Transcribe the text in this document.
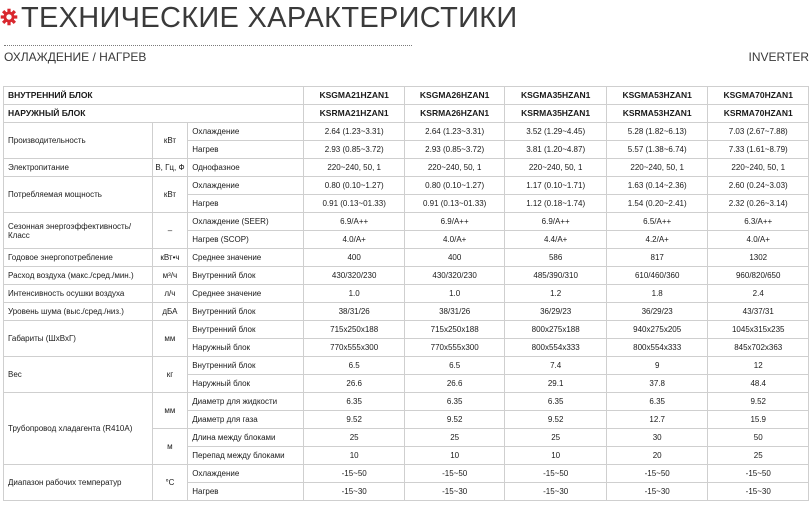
ТЕХНИЧЕСКИЕ ХАРАКТЕРИСТИКИ
ОХЛАЖДЕНИЕ / НАГРЕВ	INVERTER
ВНУТРЕННИЙ БЛОК			KSGMA21HZAN1	KSGMA26HZAN1	KSGMA35HZAN1	KSGMA53HZAN1	KSGMA70HZAN1
НАРУЖНЫЙ БЛОК			KSRMA21HZAN1	KSRMA26HZAN1	KSRMA35HZAN1	KSRMA53HZAN1	KSRMA70HZAN1
Производительность	кВт	Охлаждение	2.64 (1.23~3.31)	2.64 (1.23~3.31)	3.52 (1.29~4.45)	5.28 (1.82~6.13)	7.03 (2.67~7.88)
		Нагрев	2.93 (0.85~3.72)	2.93 (0.85~3.72)	3.81 (1.20~4.87)	5.57 (1.38~6.74)	7.33 (1.61~8.79)
Электропитание	В, Гц, Ф	Однофазное	220~240, 50, 1	220~240, 50, 1	220~240, 50, 1	220~240, 50, 1	220~240, 50, 1
Потребляемая мощность	кВт	Охлаждение	0.80 (0.10~1.27)	0.80 (0.10~1.27)	1.17 (0.10~1.71)	1.63 (0.14~2.36)	2.60 (0.24~3.03)
		Нагрев	0.91 (0.13~01.33)	0.91 (0.13~01.33)	1.12 (0.18~1.74)	1.54 (0.20~2.41)	2.32 (0.26~3.14)
Сезонная энергоэффективность/ Класс	–	Охлаждение (SEER)	6.9/A++	6.9/A++	6.9/A++	6.5/A++	6.3/A++
		Нагрев (SCOP)	4.0/A+	4.0/A+	4.4/A+	4.2/A+	4.0/A+
Годовое энергопотребление	кВт•ч	Среднее значение	400	400	586	817	1302
Расход воздуха (макс./сред./мин.)	м³/ч	Внутренний блок	430/320/230	430/320/230	485/390/310	610/460/360	960/820/650
Интенсивность осушки воздуха	л/ч	Среднее значение	1.0	1.0	1.2	1.8	2.4
Уровень шума (выс./сред./низ.)	дБА	Внутренний блок	38/31/26	38/31/26	36/29/23	36/29/23	43/37/31
Габариты (ШхВхГ)	мм	Внутренний блок	715x250x188	715x250x188	800x275x188	940x275x205	1045x315x235
		Наружный блок	770x555x300	770x555x300	800x554x333	800x554x333	845x702x363
Вес	кг	Внутренний блок	6.5	6.5	7.4	9	12
		Наружный блок	26.6	26.6	29.1	37.8	48.4
Трубопровод хладагента (R410A)	мм	Диаметр для жидкости	6.35	6.35	6.35	6.35	9.52
		Диаметр для газа	9.52	9.52	9.52	12.7	15.9
	м	Длина между блоками	25	25	25	30	50
		Перепад между блоками	10	10	10	20	25
Диапазон рабочих температур	°С	Охлаждение	-15~50	-15~50	-15~50	-15~50	-15~50
		Нагрев	-15~30	-15~30	-15~30	-15~30	-15~30
